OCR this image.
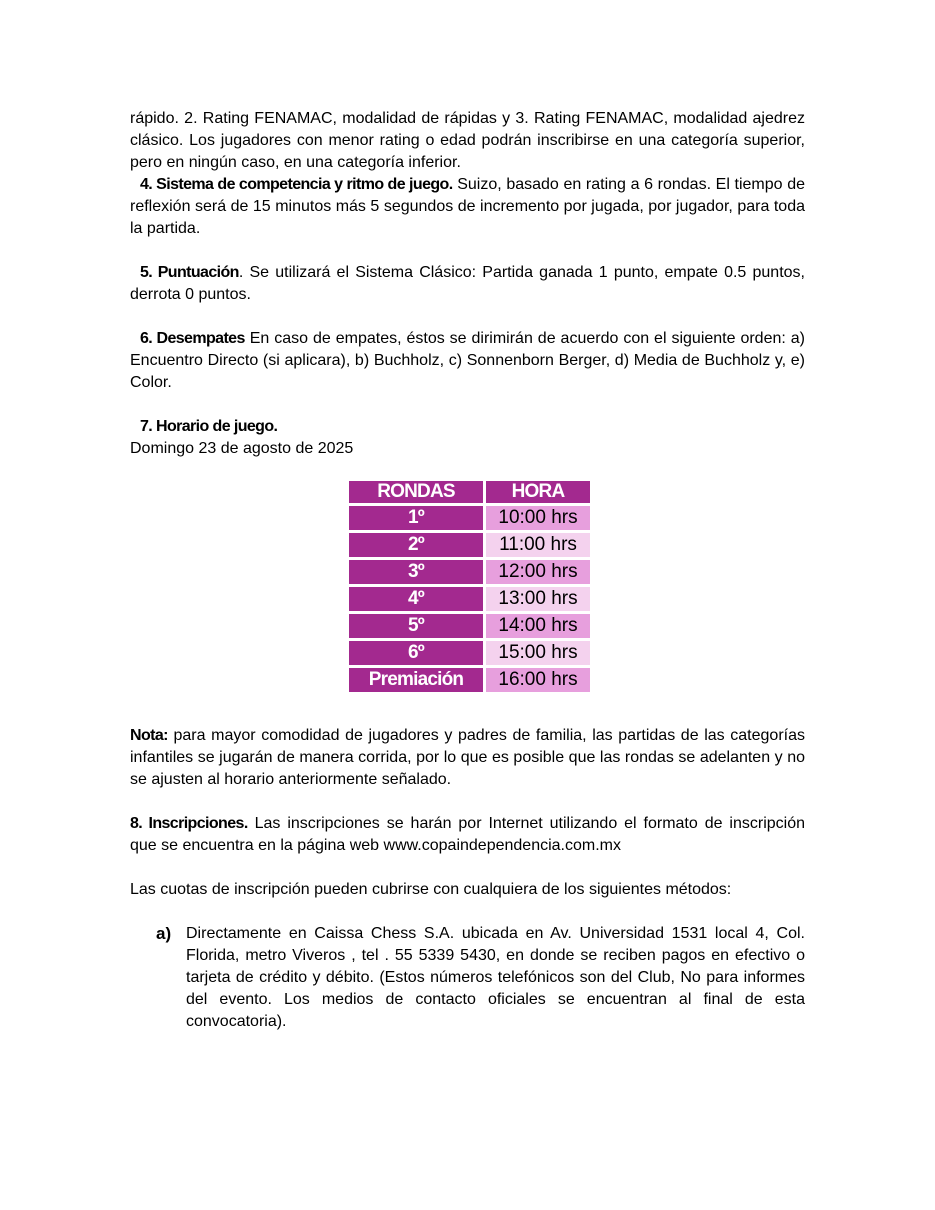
rápido. 2. Rating FENAMAC, modalidad de rápidas y 3. Rating FENAMAC, modalidad ajedrez clásico. Los jugadores con menor rating o edad podrán inscribirse en una categoría superior, pero en ningún caso, en una categoría inferior.

4. Sistema de competencia y ritmo de juego. Suizo, basado en rating a 6 rondas. El tiempo de reflexión será de 15 minutos más 5 segundos de incremento por jugada, por jugador, para toda la partida.

5. Puntuación. Se utilizará el Sistema Clásico: Partida ganada 1 punto, empate 0.5 puntos, derrota 0 puntos.

6. Desempates En caso de empates, éstos se dirimirán de acuerdo con el siguiente orden: a) Encuentro Directo (si aplicara), b) Buchholz, c) Sonnenborn Berger, d) Media de Buchholz y, e) Color.

7. Horario de juego.

Domingo 23 de agosto de 2025

RONDAS	HORA
1º	10:00 hrs
2º	11:00 hrs
3º	12:00 hrs
4º	13:00 hrs
5º	14:00 hrs
6º	15:00 hrs
Premiación	16:00 hrs

Nota: para mayor comodidad de jugadores y padres de familia, las partidas de las categorías infantiles se jugarán de manera corrida, por lo que es posible que las rondas se adelanten y no se ajusten al horario anteriormente señalado.

8. Inscripciones. Las inscripciones se harán por Internet utilizando el formato de inscripción que se encuentra en la página web www.copaindependencia.com.mx

Las cuotas de inscripción pueden cubrirse con cualquiera de los siguientes métodos:

a) Directamente en Caissa Chess S.A. ubicada en Av. Universidad 1531 local 4, Col. Florida, metro Viveros , tel . 55 5339 5430, en donde se reciben pagos en efectivo o tarjeta de crédito y débito. (Estos números telefónicos son del Club, No para informes del evento. Los medios de contacto oficiales se encuentran al final de esta convocatoria).
